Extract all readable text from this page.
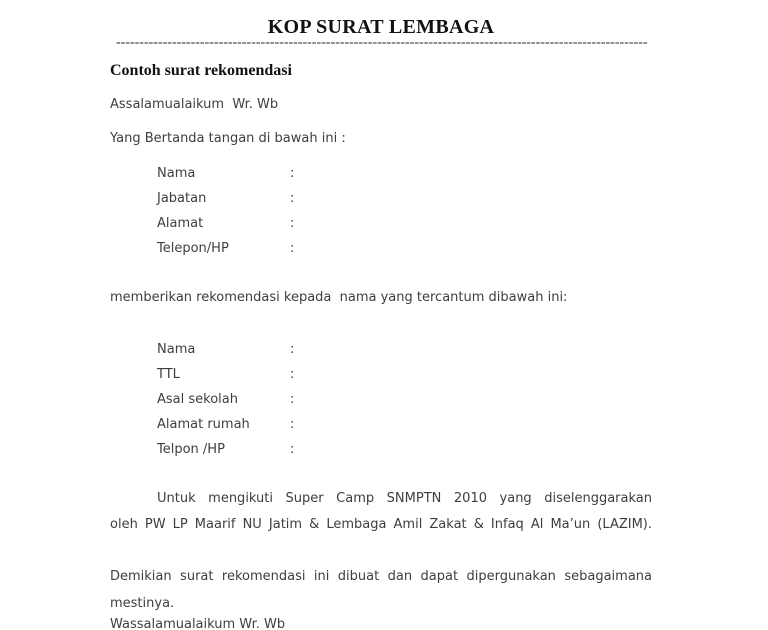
KOP SURAT LEMBAGA
------------------------------------------------------------------------------------------------------------------
Contoh surat rekomendasi
Assalamualaikum  Wr. Wb
Yang Bertanda tangan di bawah ini :
Nama	:
Jabatan	:
Alamat	:
Telepon/HP	:
memberikan rekomendasi kepada  nama yang tercantum dibawah ini:
Nama	:
TTL	:
Asal sekolah	:
Alamat rumah	:
Telpon /HP	:
Untuk mengikuti Super Camp SNMPTN 2010 yang diselenggarakan
oleh PW LP Maarif NU Jatim & Lembaga Amil Zakat & Infaq Al Ma’un (LAZIM).
Demikian surat rekomendasi ini dibuat dan dapat dipergunakan sebagaimana
mestinya.
Wassalamualaikum Wr. Wb
